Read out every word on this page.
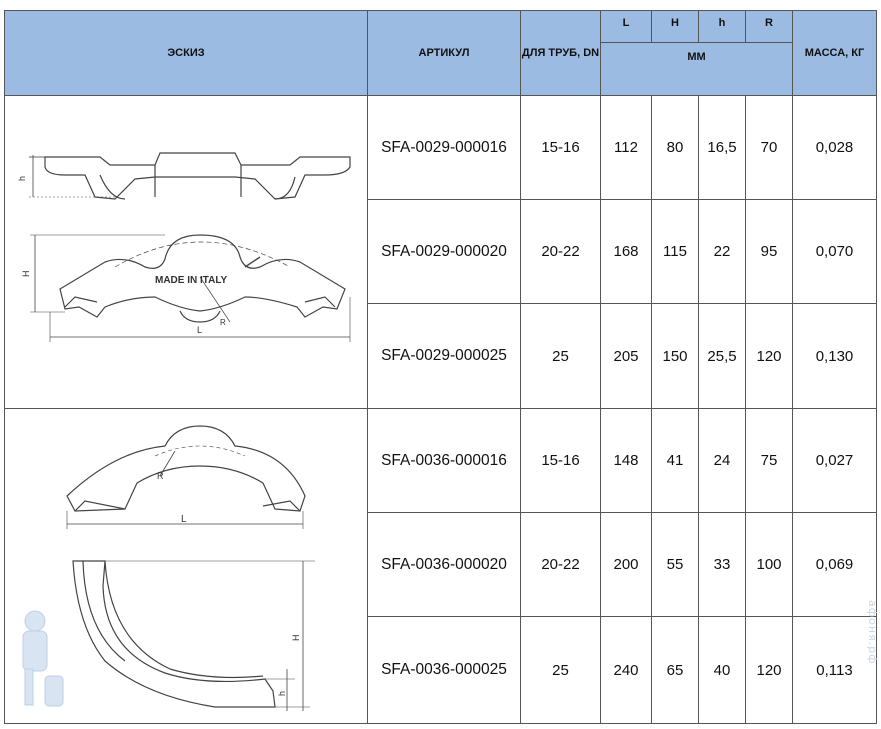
ЭСКИЗ	АРТИКУЛ	ДЛЯ ТРУБ, DN	L	H	h	R	МАССА, КГ
			ММ				

h
H
MADE IN ITALY
R
L	SFA-0029-000016	15-16	112	80	16,5	70	0,028
	SFA-0029-000020	20-22	168	115	22	95	0,070
	SFA-0029-000025	25	205	150	25,5	120	0,130

R
L
H
h	SFA-0036-000016	15-16	148	41	24	75	0,027
	SFA-0036-000020	20-22	200	55	33	100	0,069
	SFA-0036-000025	25	240	65	40	120	0,113
афоня.рф
